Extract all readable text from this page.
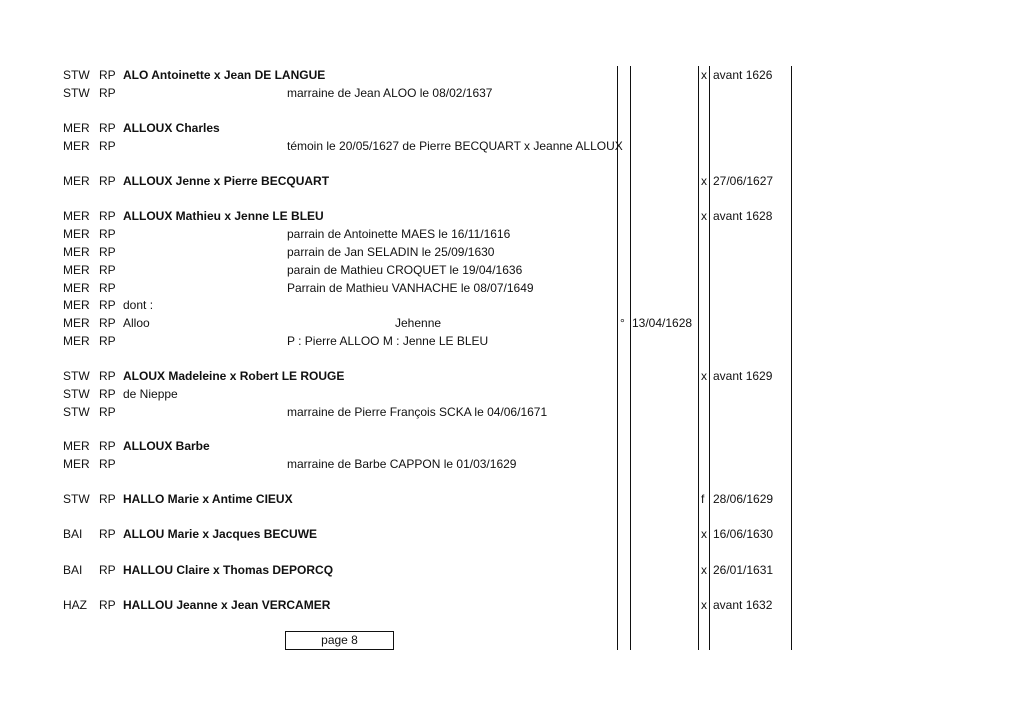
STW RP ALO Antoinette x Jean DE LANGUE	x avant 1626
STW RP	marraine de Jean ALOO le 08/02/1637
MER RP ALLOUX Charles
MER RP	témoin le 20/05/1627 de Pierre BECQUART x Jeanne ALLOUX
MER RP ALLOUX Jenne x Pierre BECQUART	x 27/06/1627
MER RP ALLOUX Mathieu x Jenne LE BLEU	x avant 1628
MER RP	parrain de Antoinette MAES le 16/11/1616
MER RP	parrain de Jan SELADIN le 25/09/1630
MER RP	parain de Mathieu CROQUET le 19/04/1636
MER RP	Parrain de Mathieu VANHACHE le 08/07/1649
MER RP dont :
MER RP Alloo	Jehenne	° 13/04/1628
MER RP	P : Pierre ALLOO M : Jenne LE BLEU
STW RP ALOUX Madeleine x Robert LE ROUGE	x avant 1629
STW RP de Nieppe
STW RP	marraine de Pierre François SCKA le 04/06/1671
MER RP ALLOUX Barbe
MER RP	marraine de Barbe CAPPON le 01/03/1629
STW RP HALLO Marie x Antime CIEUX	f 28/06/1629
BAI RP ALLOU Marie x Jacques BECUWE	x 16/06/1630
BAI RP HALLOU Claire x Thomas DEPORCQ	x 26/01/1631
HAZ RP HALLOU Jeanne x Jean VERCAMER	x avant 1632
page 8
